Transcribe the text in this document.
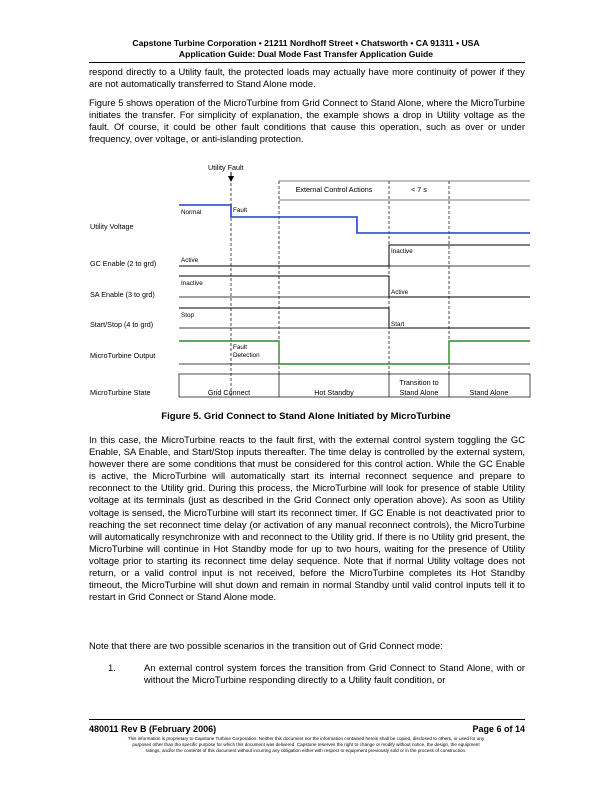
Capstone Turbine Corporation • 21211 Nordhoff Street • Chatsworth • CA 91311 • USA
Application Guide: Dual Mode Fast Transfer Application Guide
respond directly to a Utility fault, the protected loads may actually have more continuity of power if they are not automatically transferred to Stand Alone mode.
Figure 5 shows operation of the MicroTurbine from Grid Connect to Stand Alone, where the MicroTurbine initiates the transfer. For simplicity of explanation, the example shows a drop in Utility voltage as the fault. Of course, it could be other fault conditions that cause this operation, such as over or under frequency, over voltage, or anti-islanding protection.
Utility Fault
External Control Actions	< 7 s
Utility Voltage
GC Enable (2 to grd)
SA Enable (3 to grd)
Start/Stop (4 to grd)
MicroTurbine Output
MicroTurbine State
Normal	Fault
Active
Inactive
Inactive
Active
Stop
Start
Fault
Detection
Grid Connect	Hot Standby
Transition to
Stand Alone	Stand Alone
Figure 5. Grid Connect to Stand Alone Initiated by MicroTurbine
In this case, the MicroTurbine reacts to the fault first, with the external control system toggling the GC Enable, SA Enable, and Start/Stop inputs thereafter. The time delay is controlled by the external system, however there are some conditions that must be considered for this control action. While the GC Enable is active, the MicroTurbine will automatically start its internal reconnect sequence and prepare to reconnect to the Utility grid. During this process, the MicroTurbine will look for presence of stable Utility voltage at its terminals (just as described in the Grid Connect only operation above). As soon as Utility voltage is sensed, the MicroTurbine will start its reconnect timer. If GC Enable is not deactivated prior to reaching the set reconnect time delay (or activation of any manual reconnect controls), the MicroTurbine will automatically resynchronize with and reconnect to the Utility grid. If there is no Utility grid present, the MicroTurbine will continue in Hot Standby mode for up to two hours, waiting for the presence of Utility voltage prior to starting its reconnect time delay sequence. Note that if normal Utility voltage does not return, or a valid control input is not received, before the MicroTurbine completes its Hot Standby timeout, the MicroTurbine will shut down and remain in normal Standby until valid control inputs tell it to restart in Grid Connect or Stand Alone mode.
Note that there are two possible scenarios in the transition out of Grid Connect mode:
1.	An external control system forces the transition from Grid Connect to Stand Alone, with or without the MicroTurbine responding directly to a Utility fault condition, or
480011 Rev B (February 2006)	Page 6 of 14
This information is proprietary to Capstone Turbine Corporation. Neither this document nor the information contained herein shall be copied, disclosed to others, or used for any
purposes other than the specific purpose for which this document was delivered. Capstone reserves the right to change or modify without notice, the design, the equipment
ratings, and/or the contents of this document without incurring any obligation either with respect to equipment previously sold or in the process of construction.
